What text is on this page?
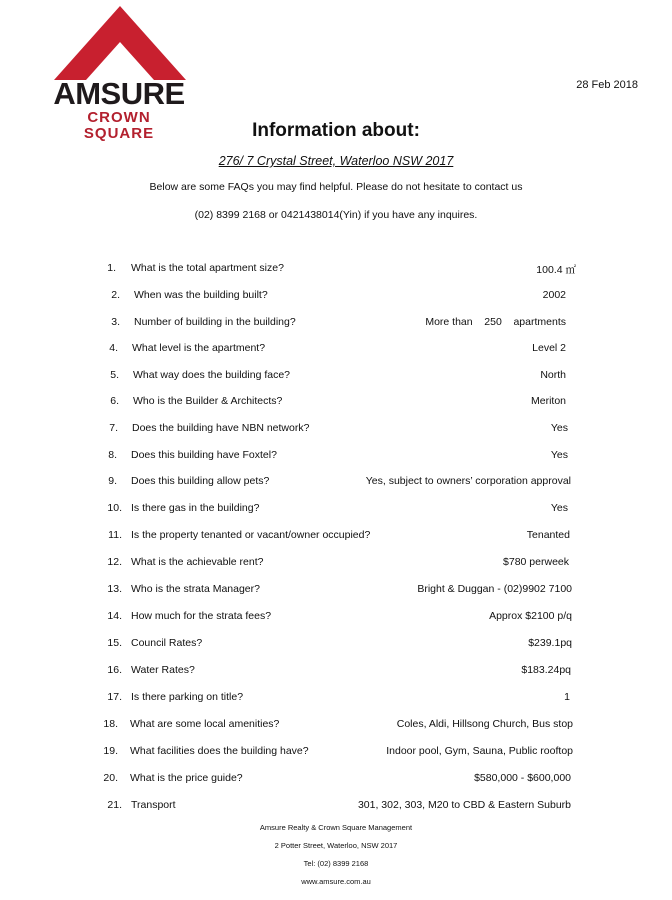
AMSURE
CROWN SQUARE
28 Feb 2018
Information about:
276/ 7 Crystal Street, Waterloo NSW 2017
Below are some FAQs you may find helpful. Please do not hesitate to contact us
(02) 8399 2168 or 0421438014(Yin) if you have any inquires.
1. What is the total apartment size?	100.4 ㎡
2. When was the building built?	2002
3. Number of building in the building?	More than    250    apartments
4. What level is the apartment?	Level 2
5. What way does the building face?	North
6. Who is the Builder & Architects?	Meriton
7. Does the building have NBN network?	Yes
8. Does this building have Foxtel?	Yes
9. Does this building allow pets?	Yes, subject to owners’ corporation approval
10. Is there gas in the building?	Yes
11. Is the property tenanted or vacant/owner occupied?	Tenanted
12. What is the achievable rent?	$780 perweek
13. Who is the strata Manager?	Bright & Duggan - (02)9902 7100
14. How much for the strata fees?	Approx $2100 p/q
15. Council Rates?	$239.1pq
16. Water Rates?	$183.24pq
17. Is there parking on title?	1
18. What are some local amenities?	Coles, Aldi, Hillsong Church, Bus stop
19. What facilities does the building have?	Indoor pool, Gym, Sauna, Public rooftop
20. What is the price guide?	$580,000 - $600,000
21. Transport	301, 302, 303, M20 to CBD & Eastern Suburb
Amsure Realty & Crown Square Management
2 Potter Street, Waterloo, NSW 2017
Tel: (02) 8399 2168
www.amsure.com.au
